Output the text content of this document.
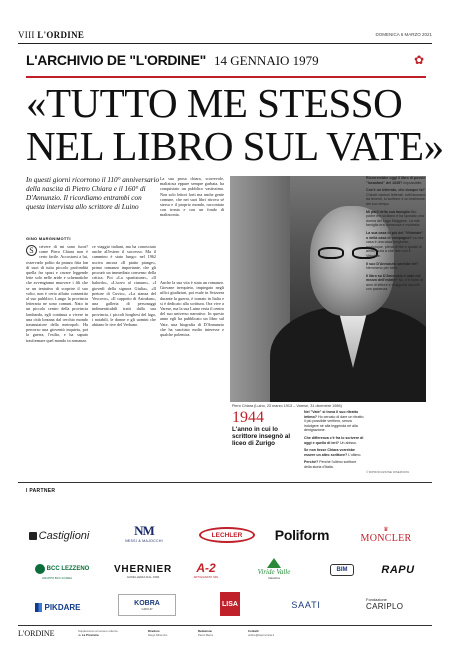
VIII L'ORDINE	DOMENICA 6 MARZO 2021
L'ARCHIVIO DE "L'ORDINE" 14 GENNAIO 1979	✿
«TUTTO ME STESSO
NEL LIBRO SUL VATE»
In questi giorni ricorrono il 110° anniversario della nascita di Pietro Chiara e il 160° di D'Annunzio. Il ricordiamo entrambi con questa intervista allo scrittore di Luino
GINO MARGNIMOTTI
S	crivere di mi sono fuori? come Piero Chiara non è certo facile. Accostarsi a lui, osservarlo polito da pranzo fitta fan di suoi di tutta piccolo profondità quella fra spazi e cavare leggende lette solo nelle aride e schematiche che avvengiamo muovere i fili che se un tentativo di scoprire il suo volto, non è certo affatto consentito al suo pubblico. Lungo la provincia letteraria ne sono comuni. Nato in un piccolo centro della provincia lombarda, egli continua a vivere in una città lontana dal cerchio mondo trasmutatore della metropoli. Ha percorso una gioventù inquieta, poi la guerra, l'esilio, e ha saputo trasformare quel mondo in romanzo.
ce viaggio italiani, ma ha conosciuto anche all'estero il successo. Ma il cammino è stato lungo: nel 1962 usciva ancora «Il piatto piange», primo romanzo importante, che gli procurò un immediato consenso della critica. Poi «La spartizione», «Il balordo», «L'uovo al cianuro», «I giovedì della signora Giulia», «Il pretore di Cuvio», «La stanza del Vescovo», «Il cappotto di Astrakan», una galleria di personaggi indimenticabili tratti dalla sua provincia, i piccoli borghesi del lago, i notabili, le donne e gli uomini che abitano le rive del Verbano.
La sua prosa chiara, scorrevole, maliziosa eppure sempre garbata, ha conquistato un pubblico vastissimo. Non solo lettori forti ma anche gente comune, che nei suoi libri ritrova sé stessa e il proprio mondo, raccontato con ironia e con un fondo di malinconia.
Anche la sua vita è stata un romanzo. Giovane irrequieto, impiegato negli uffici giudiziari, poi esule in Svizzera durante la guerra, è tornato in Italia e si è dedicato alla scrittura. Ora vive a Varese, ma la sua Luino resta il centro del suo universo narrativo. In questo anno egli ha pubblicato un libro sul Vate, una biografia di D'Annunzio che ha suscitato molto interesse e qualche polemica.
Piero Chiara (Luino, 23 marzo 1913 – Varese, 31 dicembre 1986)
1944
L'anno in cui lo scrittore insegnò al liceo di Zurigo

Nel "Vate" si trova il suo ritratto intimo? Ho cercato di dare un ritratto il più possibile veritiero, senza indulgere né alla leggenda né alla denigrazione.

Che differenza c'è fra lo scrivere di oggi e quello di ieri? Un abisso.

Se non fosse Chiara vorrebbe essere un altro scrittore? L'ultimo.

Perché? Perché l'ultimo scrittore della storia d'Italia.

Ricorrerebbe oggi il libro di poesie "Incantavi" del 1945? Impossibile.

Cos'è un letterato, che dunque fa? Chiude cantoni letterati, tutti lavorano da tenenti, lo scrittore è un testimone del suo tempo.

Mi parli della sua famiglia Mio padre era siciliano e ha sposato una donna del Lago Maggiore. La mia famiglia era numerosa e modesta.

La sua casa fu più del "Vittoriale" o della casa di campagna? La mia casa è una casa borghese, qualunque, piena di libri e quadri di amici, nulla a che fare con il Vittoriale.

Il suo D'Annunzio sarebbe lei? Nemmeno per idea.

Il libro su D'Annunzio è nato nel mezzo dell'estate? No, è il frutto di anni di letture e di appunti raccolti con pazienza.

© RIPRODUZIONE RISERVATA
I PARTNER
Castiglioni	NM
NESSI & MAJOCCHI
LECHLER	Poliform	♛
MONCLER
BCC LEZZENO
GRUPPO BCC ICCREA
VHERNIER
GIOIELLERIA DAL 1984
A-2
ARTIGIANATO SRL
Viride Valle
Valtellina
BIM	RAPU
PIKDARE	KOBRA
GROUP
LISA	SAATI
Fondazione
CARIPLO
L'ORDINE	Supplemento al numero odierno de La Provincia
Direttore
Diego Minonzio
Redazione
Pietro Berra
Contatti
ordine@laprovincia.it
